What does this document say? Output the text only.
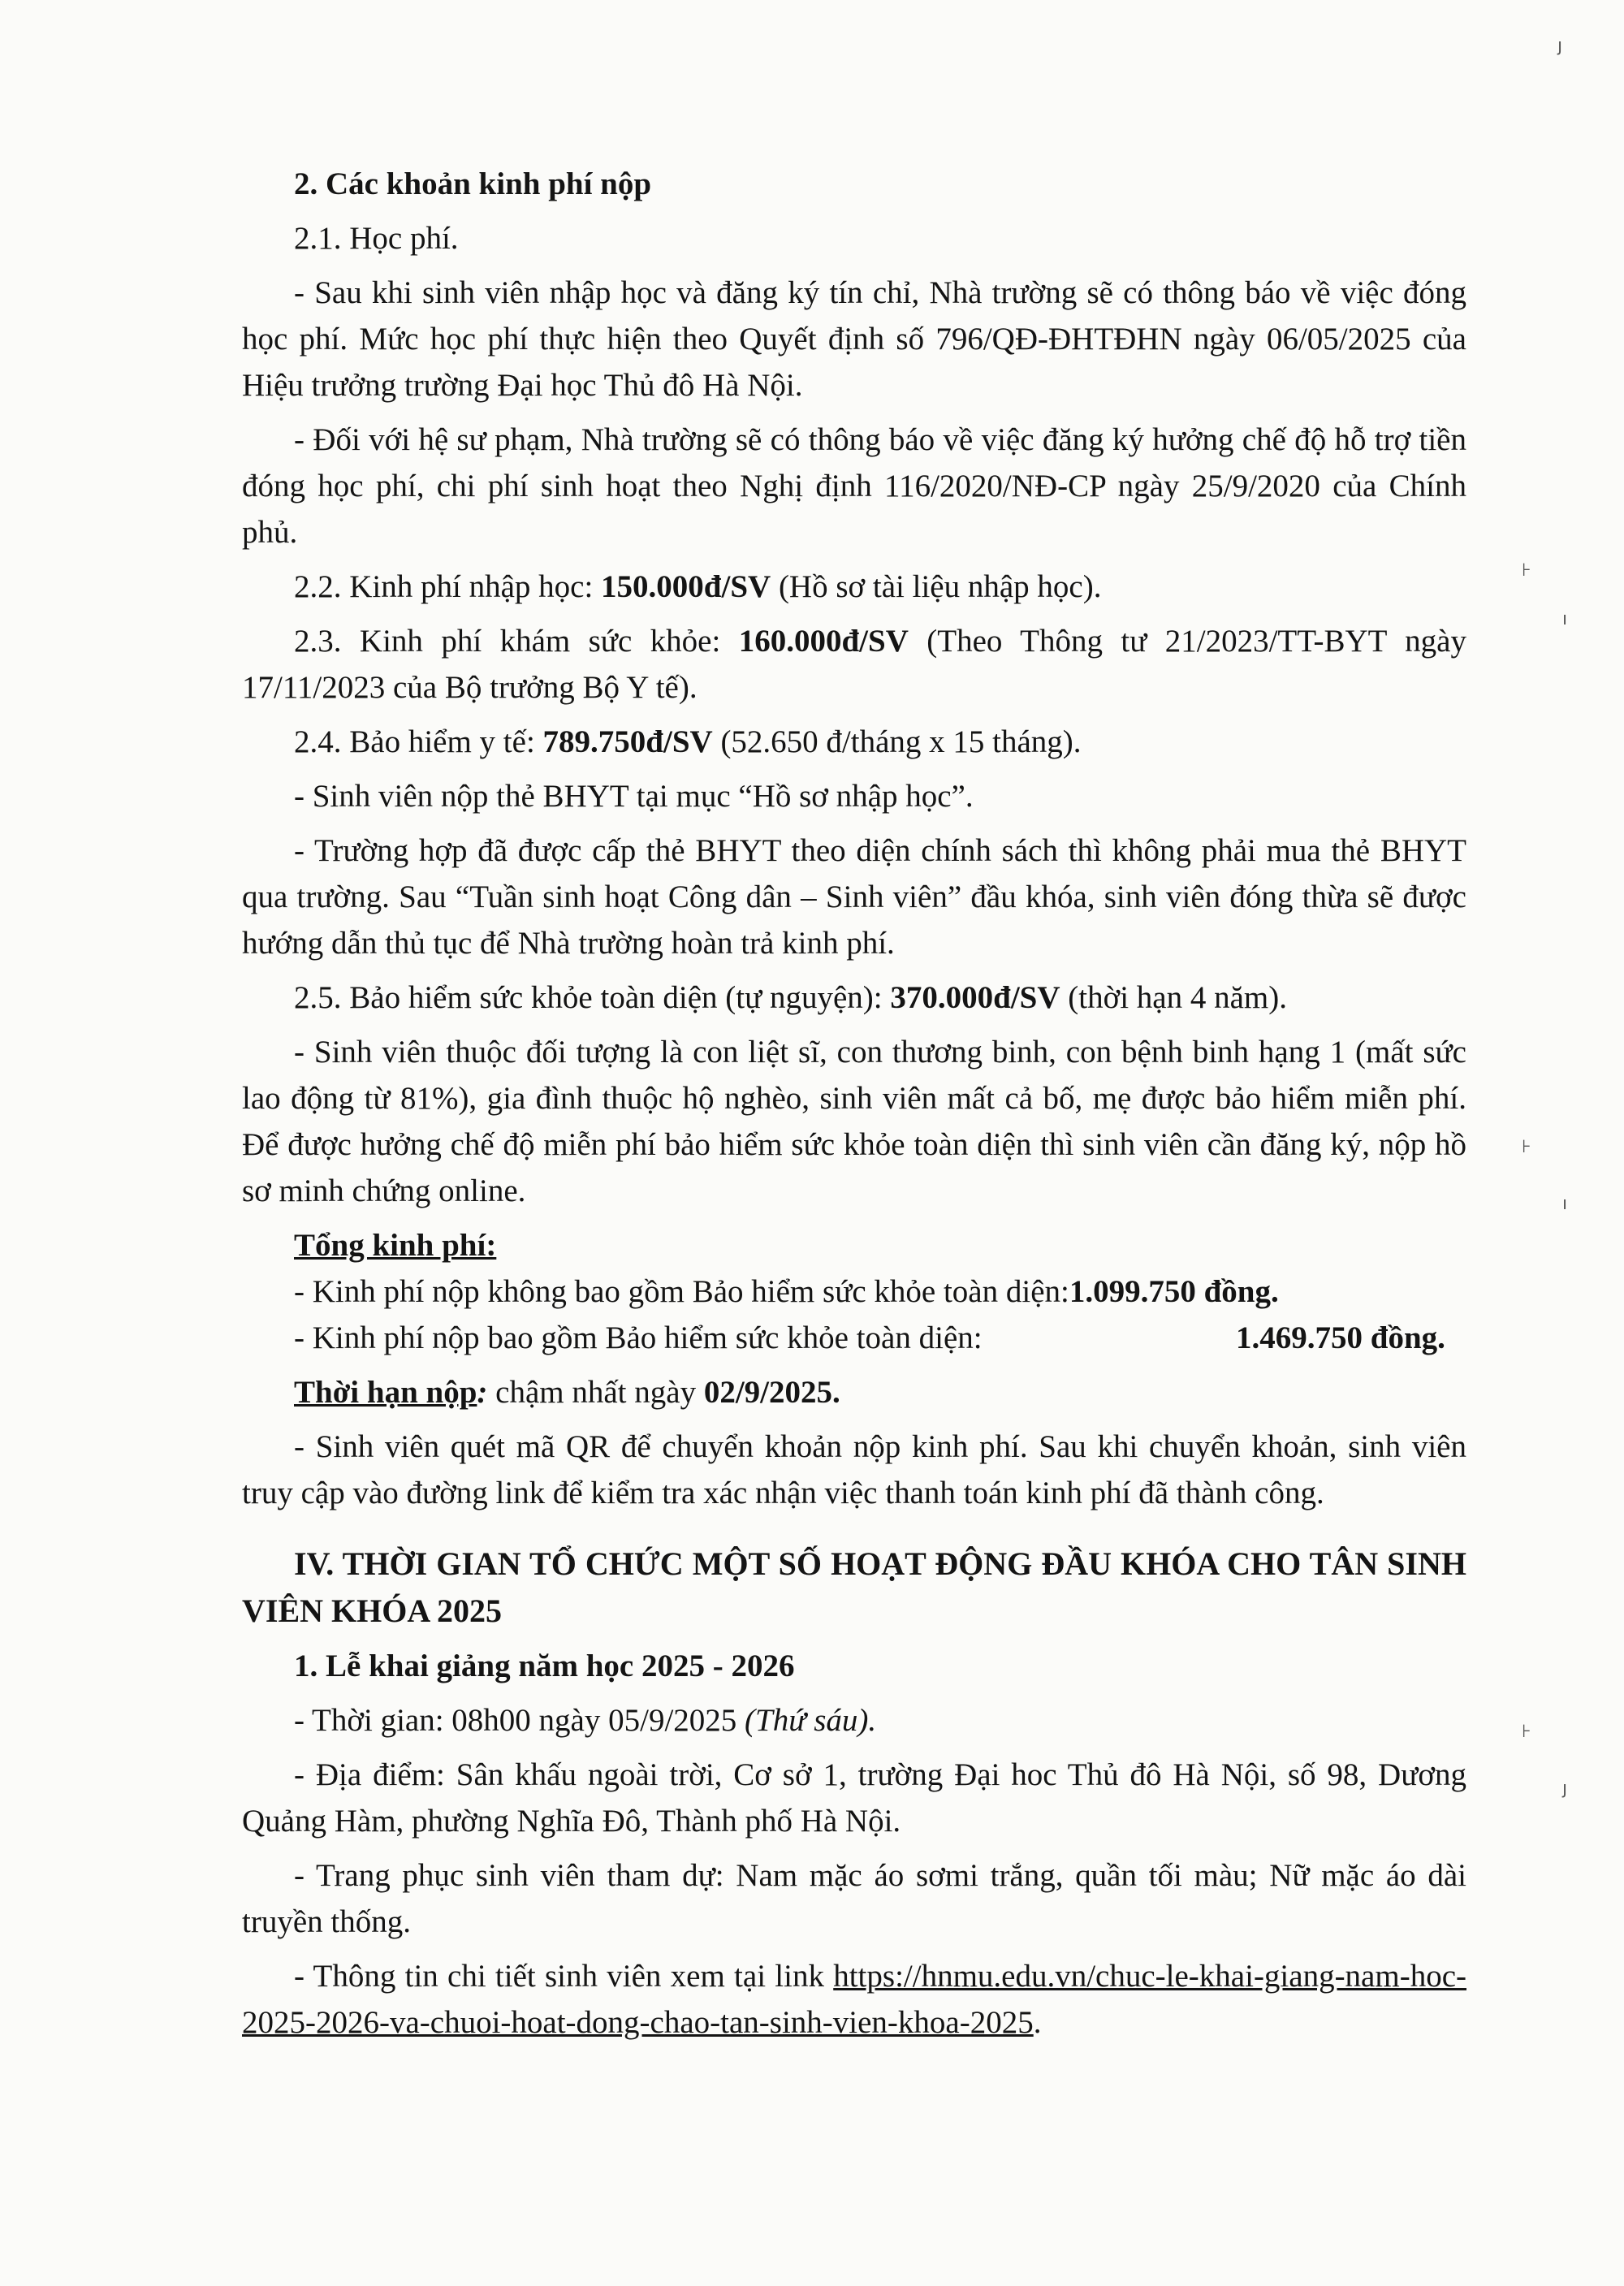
2. Các khoản kinh phí nộp

2.1. Học phí.

- Sau khi sinh viên nhập học và đăng ký tín chỉ, Nhà trường sẽ có thông báo về việc đóng học phí. Mức học phí thực hiện theo Quyết định số 796/QĐ-ĐHTĐHN ngày 06/05/2025 của Hiệu trưởng trường Đại học Thủ đô Hà Nội.

- Đối với hệ sư phạm, Nhà trường sẽ có thông báo về việc đăng ký hưởng chế độ hỗ trợ tiền đóng học phí, chi phí sinh hoạt theo Nghị định 116/2020/NĐ-CP ngày 25/9/2020 của Chính phủ.

2.2. Kinh phí nhập học: 150.000đ/SV (Hồ sơ tài liệu nhập học).

2.3. Kinh phí khám sức khỏe: 160.000đ/SV (Theo Thông tư 21/2023/TT-BYT ngày 17/11/2023 của Bộ trưởng Bộ Y tế).

2.4. Bảo hiểm y tế: 789.750đ/SV (52.650 đ/tháng x 15 tháng).

- Sinh viên nộp thẻ BHYT tại mục “Hồ sơ nhập học”.

- Trường hợp đã được cấp thẻ BHYT theo diện chính sách thì không phải mua thẻ BHYT qua trường. Sau “Tuần sinh hoạt Công dân – Sinh viên” đầu khóa, sinh viên đóng thừa sẽ được hướng dẫn thủ tục để Nhà trường hoàn trả kinh phí.

2.5. Bảo hiểm sức khỏe toàn diện (tự nguyện): 370.000đ/SV (thời hạn 4 năm).

- Sinh viên thuộc đối tượng là con liệt sĩ, con thương binh, con bệnh binh hạng 1 (mất sức lao động từ 81%), gia đình thuộc hộ nghèo, sinh viên mất cả bố, mẹ được bảo hiểm miễn phí. Để được hưởng chế độ miễn phí bảo hiểm sức khỏe toàn diện thì sinh viên cần đăng ký, nộp hồ sơ minh chứng online.

Tổng kinh phí:

- Kinh phí nộp không bao gồm Bảo hiểm sức khỏe toàn diện: 1.099.750 đồng.
- Kinh phí nộp bao gồm Bảo hiểm sức khỏe toàn diện:	1.469.750 đồng.

Thời hạn nộp: chậm nhất ngày 02/9/2025.

- Sinh viên quét mã QR để chuyển khoản nộp kinh phí. Sau khi chuyển khoản, sinh viên truy cập vào đường link để kiểm tra xác nhận việc thanh toán kinh phí đã thành công.

IV. THỜI GIAN TỔ CHỨC MỘT SỐ HOẠT ĐỘNG ĐẦU KHÓA CHO TÂN SINH VIÊN KHÓA 2025

1. Lễ khai giảng năm học 2025 - 2026

- Thời gian: 08h00 ngày 05/9/2025 (Thứ sáu).

- Địa điểm: Sân khấu ngoài trời, Cơ sở 1, trường Đại hoc Thủ đô Hà Nội, số 98, Dương Quảng Hàm, phường Nghĩa Đô, Thành phố Hà Nội.

- Trang phục sinh viên tham dự: Nam mặc áo sơmi trắng, quần tối màu; Nữ mặc áo dài truyền thống.

- Thông tin chi tiết sinh viên xem tại link https://hnmu.edu.vn/chuc-le-khai-giang-nam-hoc-2025-2026-va-chuoi-hoat-dong-chao-tan-sinh-vien-khoa-2025.

ȷ
⊦
ı
⊦
ı
⊦
ȷ
